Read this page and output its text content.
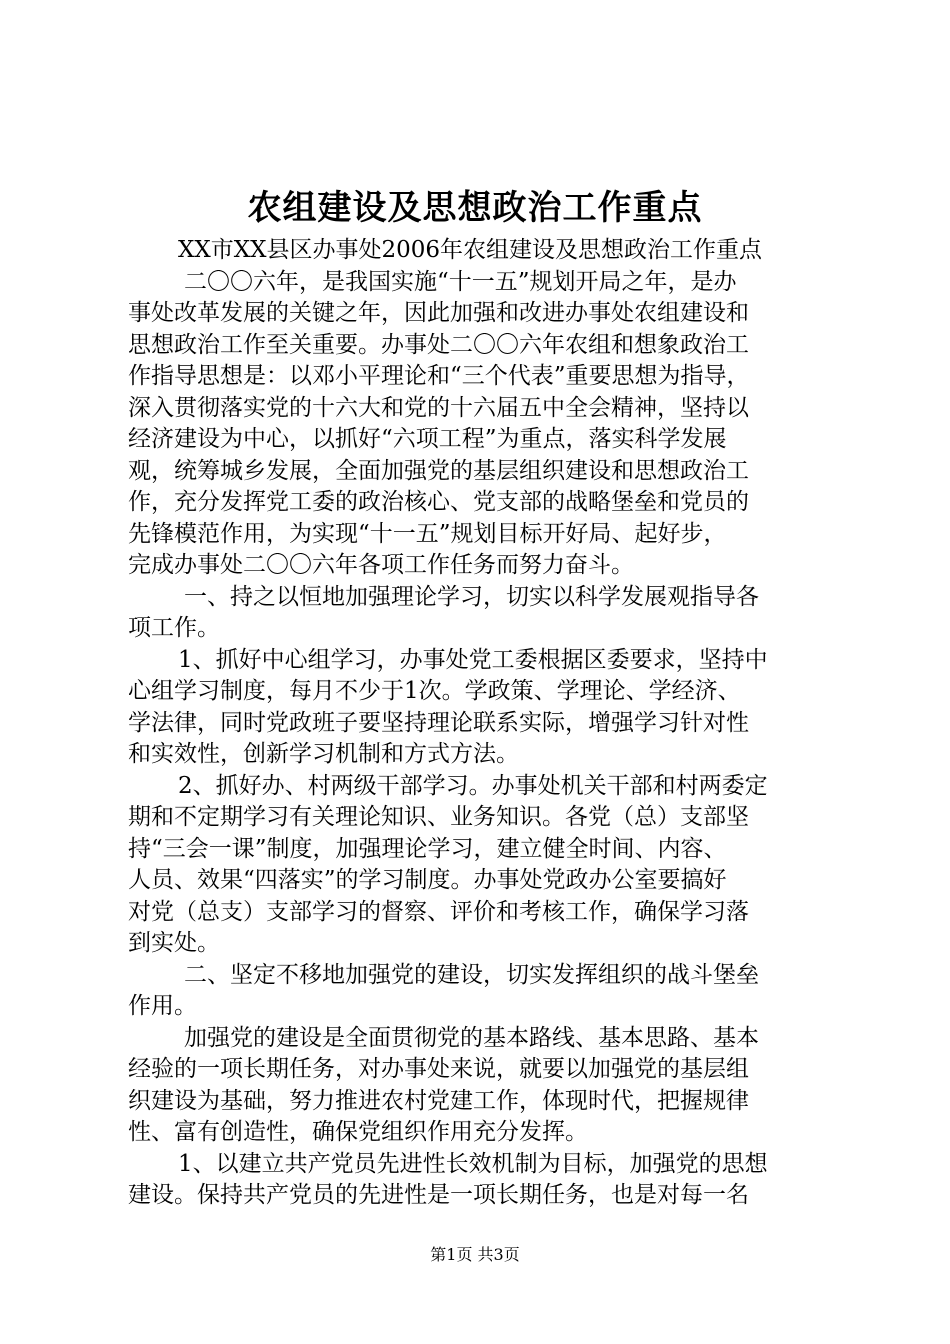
农组建设及思想政治工作重点
XX市XX县区办事处2006年农组建设及思想政治工作重点
二〇〇六年，是我国实施“十一五”规划开局之年，是办
事处改革发展的关键之年，因此加强和改进办事处农组建设和
思想政治工作至关重要。办事处二〇〇六年农组和想象政治工
作指导思想是：以邓小平理论和“三个代表”重要思想为指导，
深入贯彻落实党的十六大和党的十六届五中全会精神，坚持以
经济建设为中心，以抓好“六项工程”为重点，落实科学发展
观，统筹城乡发展，全面加强党的基层组织建设和思想政治工
作，充分发挥党工委的政治核心、党支部的战略堡垒和党员的
先锋模范作用，为实现“十一五”规划目标开好局、起好步，
完成办事处二〇〇六年各项工作任务而努力奋斗。
一、持之以恒地加强理论学习，切实以科学发展观指导各
项工作。
1、抓好中心组学习，办事处党工委根据区委要求，坚持中
心组学习制度，每月不少于1次。学政策、学理论、学经济、
学法律，同时党政班子要坚持理论联系实际，增强学习针对性
和实效性，创新学习机制和方式方法。
2、抓好办、村两级干部学习。办事处机关干部和村两委定
期和不定期学习有关理论知识、业务知识。各党（总）支部坚
持“三会一课”制度，加强理论学习，建立健全时间、内容、
人员、效果“四落实”的学习制度。办事处党政办公室要搞好
对党（总支）支部学习的督察、评价和考核工作，确保学习落
到实处。
二、坚定不移地加强党的建设，切实发挥组织的战斗堡垒
作用。
加强党的建设是全面贯彻党的基本路线、基本思路、基本
经验的一项长期任务，对办事处来说，就要以加强党的基层组
织建设为基础，努力推进农村党建工作，体现时代，把握规律
性、富有创造性，确保党组织作用充分发挥。
1、以建立共产党员先进性长效机制为目标，加强党的思想
建设。保持共产党员的先进性是一项长期任务，也是对每一名
第1页 共3页
